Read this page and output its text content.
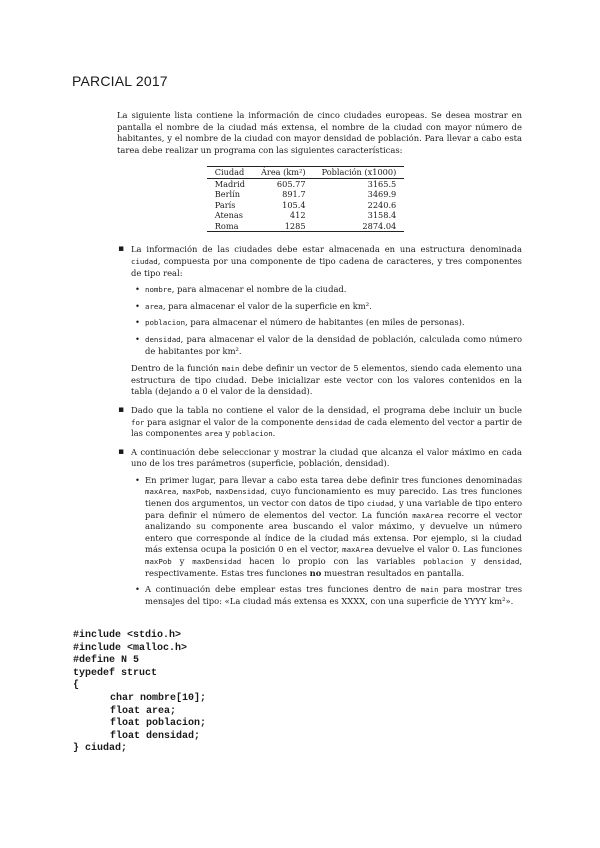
PARCIAL 2017

La siguiente lista contiene la información de cinco ciudades europeas. Se desea mostrar en pantalla el nombre de la ciudad más extensa, el nombre de la ciudad con mayor número de habitantes, y el nombre de la ciudad con mayor densidad de población. Para llevar a cabo esta tarea debe realizar un programa con las siguientes características:

Ciudad	Área (km²)	Población (x1000)
Madrid	605.77	3165.5
Berlín	891.7	3469.9
París	105.4	2240.6
Atenas	412	3158.4
Roma	1285	2874.04

▪ La información de las ciudades debe estar almacenada en una estructura denominada ciudad, compuesta por una componente de tipo cadena de caracteres, y tres componentes de tipo real:

• nombre, para almacenar el nombre de la ciudad.
• area, para almacenar el valor de la superficie en km².
• poblacion, para almacenar el número de habitantes (en miles de personas).
• densidad, para almacenar el valor de la densidad de población, calculada como número de habitantes por km².

Dentro de la función main debe definir un vector de 5 elementos, siendo cada elemento una estructura de tipo ciudad. Debe inicializar este vector con los valores contenidos en la tabla (dejando a 0 el valor de la densidad).

▪ Dado que la tabla no contiene el valor de la densidad, el programa debe incluir un bucle for para asignar el valor de la componente densidad de cada elemento del vector a partir de las componentes area y poblacion.

▪ A continuación debe seleccionar y mostrar la ciudad que alcanza el valor máximo en cada uno de los tres parámetros (superficie, población, densidad).

• En primer lugar, para llevar a cabo esta tarea debe definir tres funciones denominadas maxArea, maxPob, maxDensidad, cuyo funcionamiento es muy parecido. Las tres funciones tienen dos argumentos, un vector con datos de tipo ciudad, y una variable de tipo entero para definir el número de elementos del vector. La función maxArea recorre el vector analizando su componente area buscando el valor máximo, y devuelve un número entero que corresponde al índice de la ciudad más extensa. Por ejemplo, si la ciudad más extensa ocupa la posición 0 en el vector, maxArea devuelve el valor 0. Las funciones maxPob y maxDensidad hacen lo propio con las variables poblacion y densidad, respectivamente. Estas tres funciones no muestran resultados en pantalla.
• A continuación debe emplear estas tres funciones dentro de main para mostrar tres mensajes del tipo: «La ciudad más extensa es XXXX, con una superficie de YYYY km²».
#include <stdio.h>
#include <malloc.h>
#define N 5
typedef struct
{
char nombre[10];
float area;
float poblacion;
float densidad;
} ciudad;
